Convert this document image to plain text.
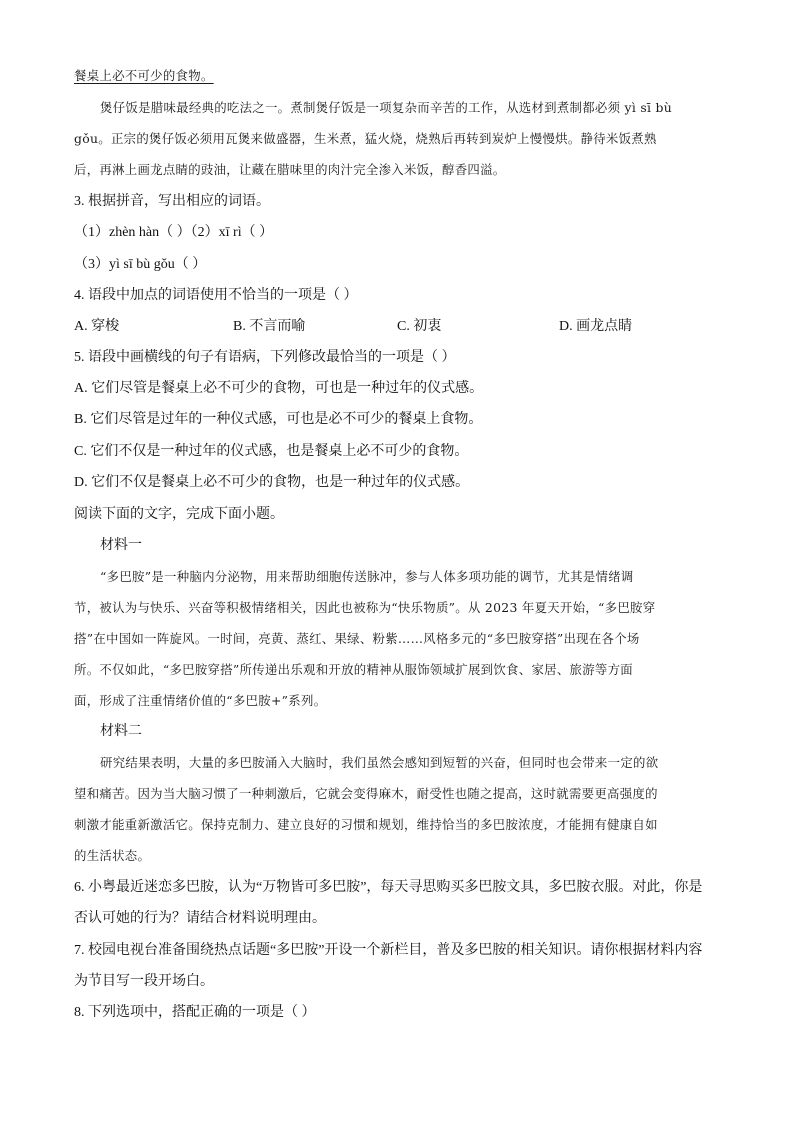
餐桌上必不可少的食物。
煲仔饭是腊味最经典的吃法之一。煮制煲仔饭是一项复杂而辛苦的工作，从选材到煮制都必须 yì sī bù
gǒu。正宗的煲仔饭必须用瓦煲来做盛器，生米煮，猛火烧，烧熟后再转到炭炉上慢慢烘。静待米饭煮熟
后，再淋上画龙点睛的豉油，让藏在腊味里的肉汁完全渗入米饭，醇香四溢。
3. 根据拼音，写出相应的词语。
（1）zhèn hàn（ ）（2）xī rì（ ）
（3）yì sī bù gǒu（ ）
4. 语段中加点的词语使用不恰当的一项是（ ）
A. 穿梭	B. 不言而喻	C. 初衷	D. 画龙点睛
5. 语段中画横线的句子有语病，下列修改最恰当的一项是（ ）
A. 它们尽管是餐桌上必不可少的食物，可也是一种过年的仪式感。
B. 它们尽管是过年的一种仪式感，可也是必不可少的餐桌上食物。
C. 它们不仅是一种过年的仪式感，也是餐桌上必不可少的食物。
D. 它们不仅是餐桌上必不可少的食物，也是一种过年的仪式感。
阅读下面的文字，完成下面小题。
材料一
“多巴胺”是一种脑内分泌物，用来帮助细胞传送脉冲，参与人体多项功能的调节，尤其是情绪调
节，被认为与快乐、兴奋等积极情绪相关，因此也被称为“快乐物质”。从 2023 年夏天开始，“多巴胺穿
搭”在中国如一阵旋风。一时间，亮黄、蒸红、果绿、粉紫……风格多元的“多巴胺穿搭”出现在各个场
所。不仅如此，“多巴胺穿搭”所传递出乐观和开放的精神从服饰领域扩展到饮食、家居、旅游等方面
面，形成了注重情绪价值的“多巴胺+”系列。
材料二
研究结果表明，大量的多巴胺涌入大脑时，我们虽然会感知到短暂的兴奋，但同时也会带来一定的欲
望和痛苦。因为当大脑习惯了一种刺激后，它就会变得麻木，耐受性也随之提高，这时就需要更高强度的
刺激才能重新激活它。保持克制力、建立良好的习惯和规划，维持恰当的多巴胺浓度，才能拥有健康自如
的生活状态。
6. 小粤最近迷恋多巴胺，认为“万物皆可多巴胺”，每天寻思购买多巴胺文具，多巴胺衣服。对此，你是
否认可她的行为？请结合材料说明理由。
7. 校园电视台准备围绕热点话题“多巴胺”开设一个新栏目，普及多巴胺的相关知识。请你根据材料内容
为节目写一段开场白。
8. 下列选项中，搭配正确的一项是（ ）
